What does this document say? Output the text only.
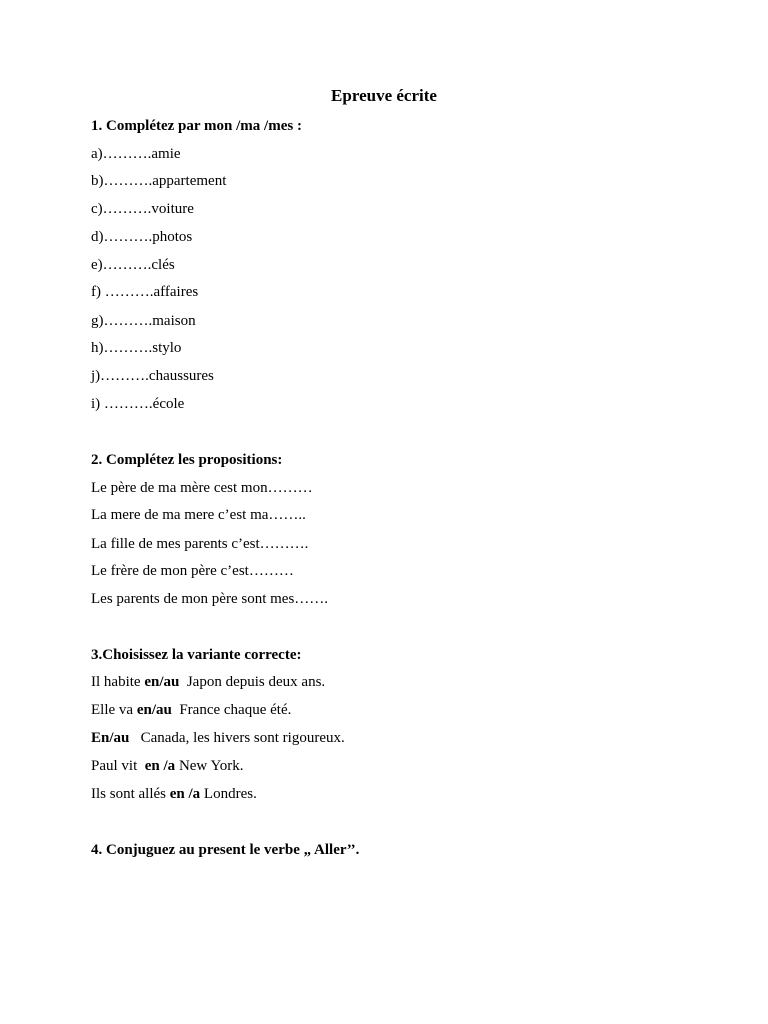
Epreuve écrite
1. Complétez par mon /ma /mes :
a)……….amie
b)……….appartement
c)……….voiture
d)……….photos
e)……….clés
f) ……….affaires
g)……….maison
h)……….stylo
j)……….chaussures
i) ……….école
2. Complétez les propositions:
Le père de ma mère cest mon………
La mere de ma mere c’est ma……..
La fille de mes parents c’est……….
Le frère de mon père c’est………
Les parents de mon père sont mes…….
3.Choisissez la variante correcte:
Il habite en/au  Japon depuis deux ans.
Elle va en/au  France chaque été.
En/au   Canada, les hivers sont rigoureux.
Paul vit  en /a New York.
Ils sont allés en /a Londres.
4. Conjuguez au present le verbe „ Aller’’.
